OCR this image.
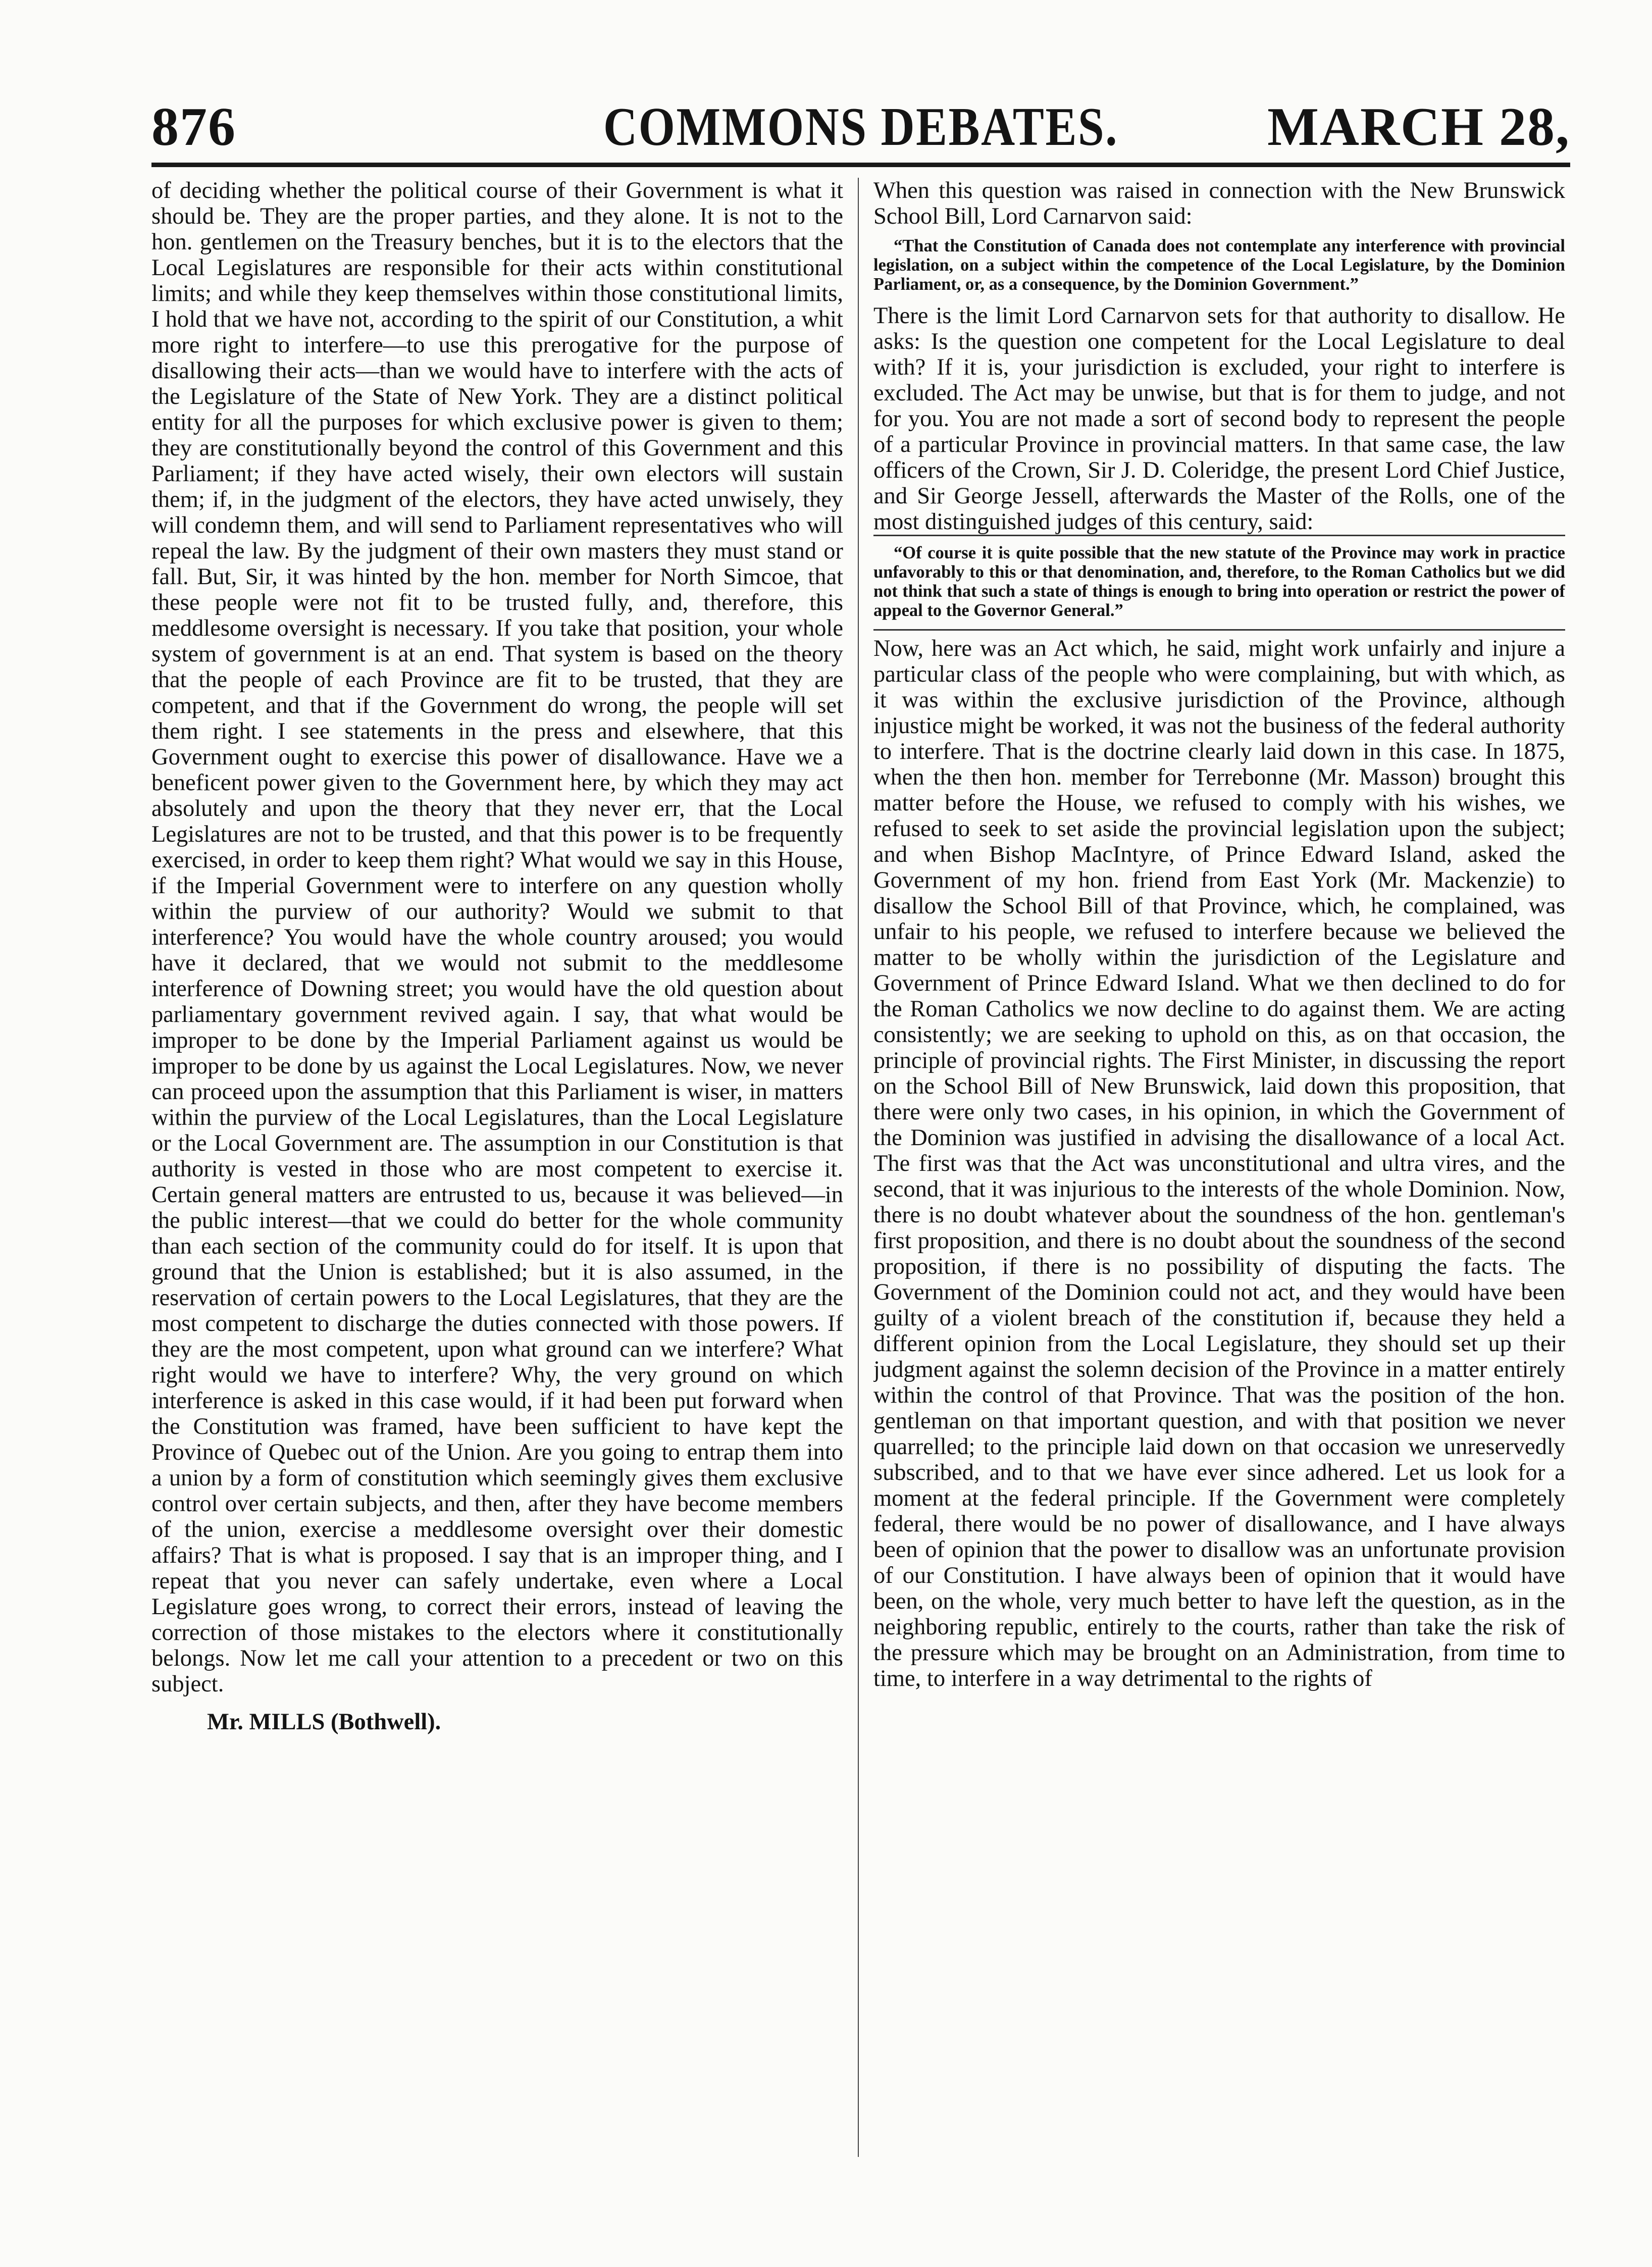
876	COMMONS DEBATES.	MARCH 28,

of deciding whether the political course of their Government is what it should be. They are the proper parties, and they alone. It is not to the hon. gentlemen on the Treasury benches, but it is to the electors that the Local Legislatures are responsible for their acts within constitutional limits; and while they keep themselves within those constitutional limits, I hold that we have not, according to the spirit of our Constitution, a whit more right to interfere—to use this prerogative for the purpose of disallowing their acts—than we would have to interfere with the acts of the Legislature of the State of New York. They are a distinct political entity for all the purposes for which exclusive power is given to them; they are constitutionally beyond the control of this Government and this Parliament; if they have acted wisely, their own electors will sustain them; if, in the judgment of the electors, they have acted unwisely, they will condemn them, and will send to Parliament representatives who will repeal the law. By the judgment of their own masters they must stand or fall. But, Sir, it was hinted by the hon. member for North Simcoe, that these people were not fit to be trusted fully, and, therefore, this meddlesome oversight is necessary. If you take that position, your whole system of government is at an end. That system is based on the theory that the people of each Province are fit to be trusted, that they are competent, and that if the Government do wrong, the people will set them right. I see statements in the press and elsewhere, that this Government ought to exercise this power of disallowance. Have we a beneficent power given to the Government here, by which they may act absolutely and upon the theory that they never err, that the Local Legislatures are not to be trusted, and that this power is to be frequently exercised, in order to keep them right? What would we say in this House, if the Imperial Government were to interfere on any question wholly within the purview of our authority? Would we submit to that interference? You would have the whole country aroused; you would have it declared, that we would not submit to the meddlesome interference of Downing street; you would have the old question about parliamentary government revived again. I say, that what would be improper to be done by the Imperial Parliament against us would be improper to be done by us against the Local Legislatures. Now, we never can proceed upon the assumption that this Parliament is wiser, in matters within the purview of the Local Legislatures, than the Local Legislature or the Local Government are. The assumption in our Constitution is that authority is vested in those who are most competent to exercise it. Certain general matters are entrusted to us, because it was believed—in the public interest—that we could do better for the whole community than each section of the community could do for itself. It is upon that ground that the Union is established; but it is also assumed, in the reservation of certain powers to the Local Legislatures, that they are the most competent to discharge the duties connected with those powers. If they are the most competent, upon what ground can we interfere? What right would we have to interfere? Why, the very ground on which interference is asked in this case would, if it had been put forward when the Constitution was framed, have been sufficient to have kept the Province of Quebec out of the Union. Are you going to entrap them into a union by a form of constitution which seemingly gives them exclusive control over certain subjects, and then, after they have become members of the union, exercise a meddlesome oversight over their domestic affairs? That is what is proposed. I say that is an improper thing, and I repeat that you never can safely undertake, even where a Local Legislature goes wrong, to correct their errors, instead of leaving the correction of those mistakes to the electors where it constitutionally belongs. Now let me call your attention to a precedent or two on this subject.

Mr. MILLS (Bothwell).

When this question was raised in connection with the New Brunswick School Bill, Lord Carnarvon said:

“That the Constitution of Canada does not contemplate any interference with provincial legislation, on a subject within the competence of the Local Legislature, by the Dominion Parliament, or, as a consequence, by the Dominion Government.”

There is the limit Lord Carnarvon sets for that authority to disallow. He asks: Is the question one competent for the Local Legislature to deal with? If it is, your jurisdiction is excluded, your right to interfere is excluded. The Act may be unwise, but that is for them to judge, and not for you. You are not made a sort of second body to represent the people of a particular Province in provincial matters. In that same case, the law officers of the Crown, Sir J. D. Coleridge, the present Lord Chief Justice, and Sir George Jessell, afterwards the Master of the Rolls, one of the most distinguished judges of this century, said:

“Of course it is quite possible that the new statute of the Province may work in practice unfavorably to this or that denomination, and, therefore, to the Roman Catholics but we did not think that such a state of things is enough to bring into operation or restrict the power of appeal to the Governor General.”

Now, here was an Act which, he said, might work unfairly and injure a particular class of the people who were complaining, but with which, as it was within the exclusive jurisdiction of the Province, although injustice might be worked, it was not the business of the federal authority to interfere. That is the doctrine clearly laid down in this case. In 1875, when the then hon. member for Terrebonne (Mr. Masson) brought this matter before the House, we refused to comply with his wishes, we refused to seek to set aside the provincial legislation upon the subject; and when Bishop MacIntyre, of Prince Edward Island, asked the Government of my hon. friend from East York (Mr. Mackenzie) to disallow the School Bill of that Province, which, he complained, was unfair to his people, we refused to interfere because we believed the matter to be wholly within the jurisdiction of the Legislature and Government of Prince Edward Island. What we then declined to do for the Roman Catholics we now decline to do against them. We are acting consistently; we are seeking to uphold on this, as on that occasion, the principle of provincial rights. The First Minister, in discussing the report on the School Bill of New Brunswick, laid down this proposition, that there were only two cases, in his opinion, in which the Government of the Dominion was justified in advising the disallowance of a local Act. The first was that the Act was unconstitutional and ultra vires, and the second, that it was injurious to the interests of the whole Dominion. Now, there is no doubt whatever about the soundness of the hon. gentleman's first proposition, and there is no doubt about the soundness of the second proposition, if there is no possibility of disputing the facts. The Government of the Dominion could not act, and they would have been guilty of a violent breach of the constitution if, because they held a different opinion from the Local Legislature, they should set up their judgment against the solemn decision of the Province in a matter entirely within the control of that Province. That was the position of the hon. gentleman on that important question, and with that position we never quarrelled; to the principle laid down on that occasion we unreservedly subscribed, and to that we have ever since adhered. Let us look for a moment at the federal principle. If the Government were completely federal, there would be no power of disallowance, and I have always been of opinion that the power to disallow was an unfortunate provision of our Constitution. I have always been of opinion that it would have been, on the whole, very much better to have left the question, as in the neighboring republic, entirely to the courts, rather than take the risk of the pressure which may be brought on an Administration, from time to time, to interfere in a way detrimental to the rights of
